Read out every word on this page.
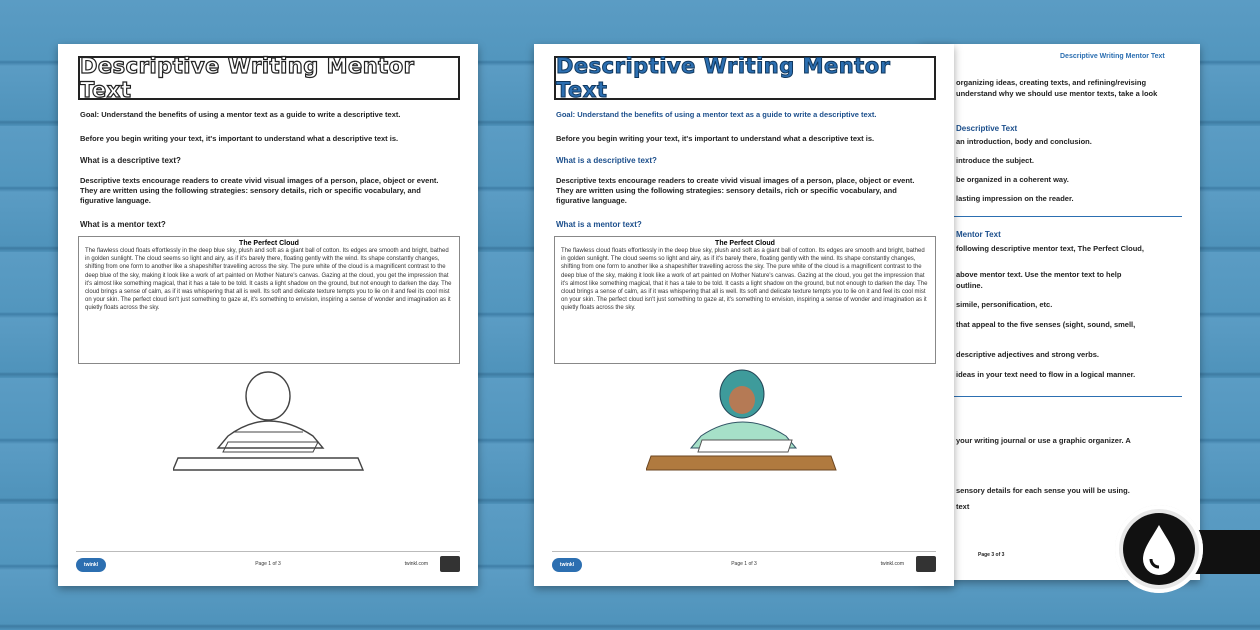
Descriptive Writing Mentor Text
organizing ideas, creating texts, and refining/revising
understand why we should use mentor texts, take a look
Descriptive Text
an introduction, body and conclusion.
introduce the subject.
be organized in a coherent way.
lasting impression on the reader.
Mentor Text
following descriptive mentor text, The Perfect Cloud,
above mentor text. Use the mentor text to help
outline.
simile, personification, etc.
that appeal to the five senses (sight, sound, smell,
descriptive adjectives and strong verbs.
ideas in your text need to flow in a logical manner.
your writing journal or use a graphic organizer. A
sensory details for each sense you will be using.
text
Page 3 of 3
Descriptive Writing Mentor Text
Goal: Understand the benefits of using a mentor text as a guide to write a descriptive text.
Before you begin writing your text, it's important to understand what a descriptive text is.
What is a descriptive text?
Descriptive texts encourage readers to create vivid visual images of a person, place, object or event. They are written using the following strategies: sensory details, rich or specific vocabulary, and figurative language.
What is a mentor text?
The Perfect Cloud
The flawless cloud floats effortlessly in the deep blue sky, plush and soft as a giant ball of cotton. Its edges are smooth and bright, bathed in golden sunlight. The cloud seems so light and airy, as if it's barely there, floating gently with the wind. Its shape constantly changes, shifting from one form to another like a shapeshifter travelling across the sky. The pure white of the cloud is a magnificent contrast to the deep blue of the sky, making it look like a work of art painted on Mother Nature's canvas. Gazing at the cloud, you get the impression that it's almost like something magical, that it has a tale to be told. It casts a light shadow on the ground, but not enough to darken the day. The cloud brings a sense of calm, as if it was whispering that all is well. Its soft and delicate texture tempts you to lie on it and feel its cool mist on your skin. The perfect cloud isn't just something to gaze at, it's something to envision, inspiring a sense of wonder and imagination as it quietly floats across the sky.
twinkl	Page 1 of 3	twinkl.com
Descriptive Writing Mentor Text
Goal: Understand the benefits of using a mentor text as a guide to write a descriptive text.
Before you begin writing your text, it's important to understand what a descriptive text is.
What is a descriptive text?
Descriptive texts encourage readers to create vivid visual images of a person, place, object or event. They are written using the following strategies: sensory details, rich or specific vocabulary, and figurative language.
What is a mentor text?
The Perfect Cloud
The flawless cloud floats effortlessly in the deep blue sky, plush and soft as a giant ball of cotton. Its edges are smooth and bright, bathed in golden sunlight. The cloud seems so light and airy, as if it's barely there, floating gently with the wind. Its shape constantly changes, shifting from one form to another like a shapeshifter travelling across the sky. The pure white of the cloud is a magnificent contrast to the deep blue of the sky, making it look like a work of art painted on Mother Nature's canvas. Gazing at the cloud, you get the impression that it's almost like something magical, that it has a tale to be told. It casts a light shadow on the ground, but not enough to darken the day. The cloud brings a sense of calm, as if it was whispering that all is well. Its soft and delicate texture tempts you to lie on it and feel its cool mist on your skin. The perfect cloud isn't just something to gaze at, it's something to envision, inspiring a sense of wonder and imagination as it quietly floats across the sky.
twinkl	Page 1 of 3	twinkl.com
